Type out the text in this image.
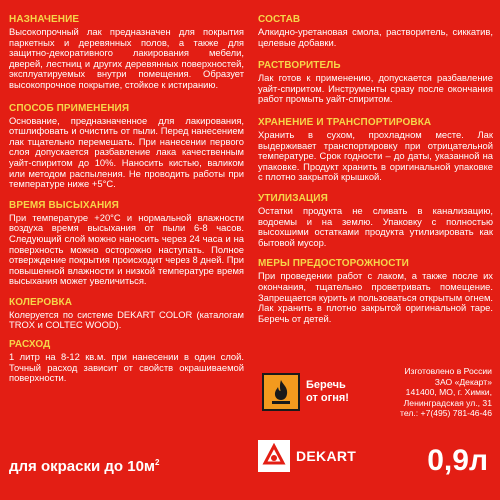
НАЗНАЧЕНИЕ
Высокопрочный лак предназначен для покрытия паркетных и деревянных полов, а также для защитно-декоративного лакирования мебели, дверей, лестниц и других деревянных поверхностей, эксплуатируемых внутри помещения. Образует высокопрочное покрытие, стойкое к истиранию.
СПОСОБ ПРИМЕНЕНИЯ
Основание, предназначенное для лакирования, отшлифовать и очистить от пыли. Перед нанесением лак тщательно перемешать. При нанесении первого слоя допускается разбавление лака качественным уайт-спиритом до 10%. Наносить кистью, валиком или методом распыления. Не проводить работы при температуре ниже +5°C.
ВРЕМЯ ВЫСЫХАНИЯ
При температуре +20°C и нормальной влажности воздуха время высыхания от пыли 6-8 часов. Следующий слой можно наносить через 24 часа и на поверхность можно осторожно наступать. Полное отверждение покрытия происходит через 8 дней. При повышенной влажности и низкой температуре время высыхания может увеличиться.
КОЛЕРОВКА
Колеруется по системе DEKART COLOR (каталогам TROX и COLTEC WOOD).
РАСХОД
1 литр на 8-12 кв.м. при нанесении в один слой. Точный расход зависит от свойств окрашиваемой поверхности.
СОСТАВ
Алкидно-уретановая смола, растворитель, сиккатив, целевые добавки.
РАСТВОРИТЕЛЬ
Лак готов к применению, допускается разбавление уайт-спиритом. Инструменты сразу после окончания работ промыть уайт-спиритом.
ХРАНЕНИЕ И ТРАНСПОРТИРОВКА
Хранить в сухом, прохладном месте. Лак выдерживает транспортировку при отрицательной температуре. Срок годности – до даты, указанной на упаковке. Продукт хранить в оригинальной упаковке с плотно закрытой крышкой.
УТИЛИЗАЦИЯ
Остатки продукта не сливать в канализацию, водоемы и на землю. Упаковку с полностью высохшими остатками продукта утилизировать как бытовой мусор.
МЕРЫ ПРЕДОСТОРОЖНОСТИ
При проведении работ с лаком, а также после их окончания, тщательно проветривать помещение. Запрещается курить и пользоваться открытым огнем. Лак хранить в плотно закрытой оригинальной таре. Беречь от детей.
Беречь
от огня!
Изготовлено в России
ЗАО «Декарт»
141400, МО, г. Химки,
Ленинградская ул., 31
тел.: +7(495) 781-46-46
для окраски до $10м^2$	DEKART 0,9л
